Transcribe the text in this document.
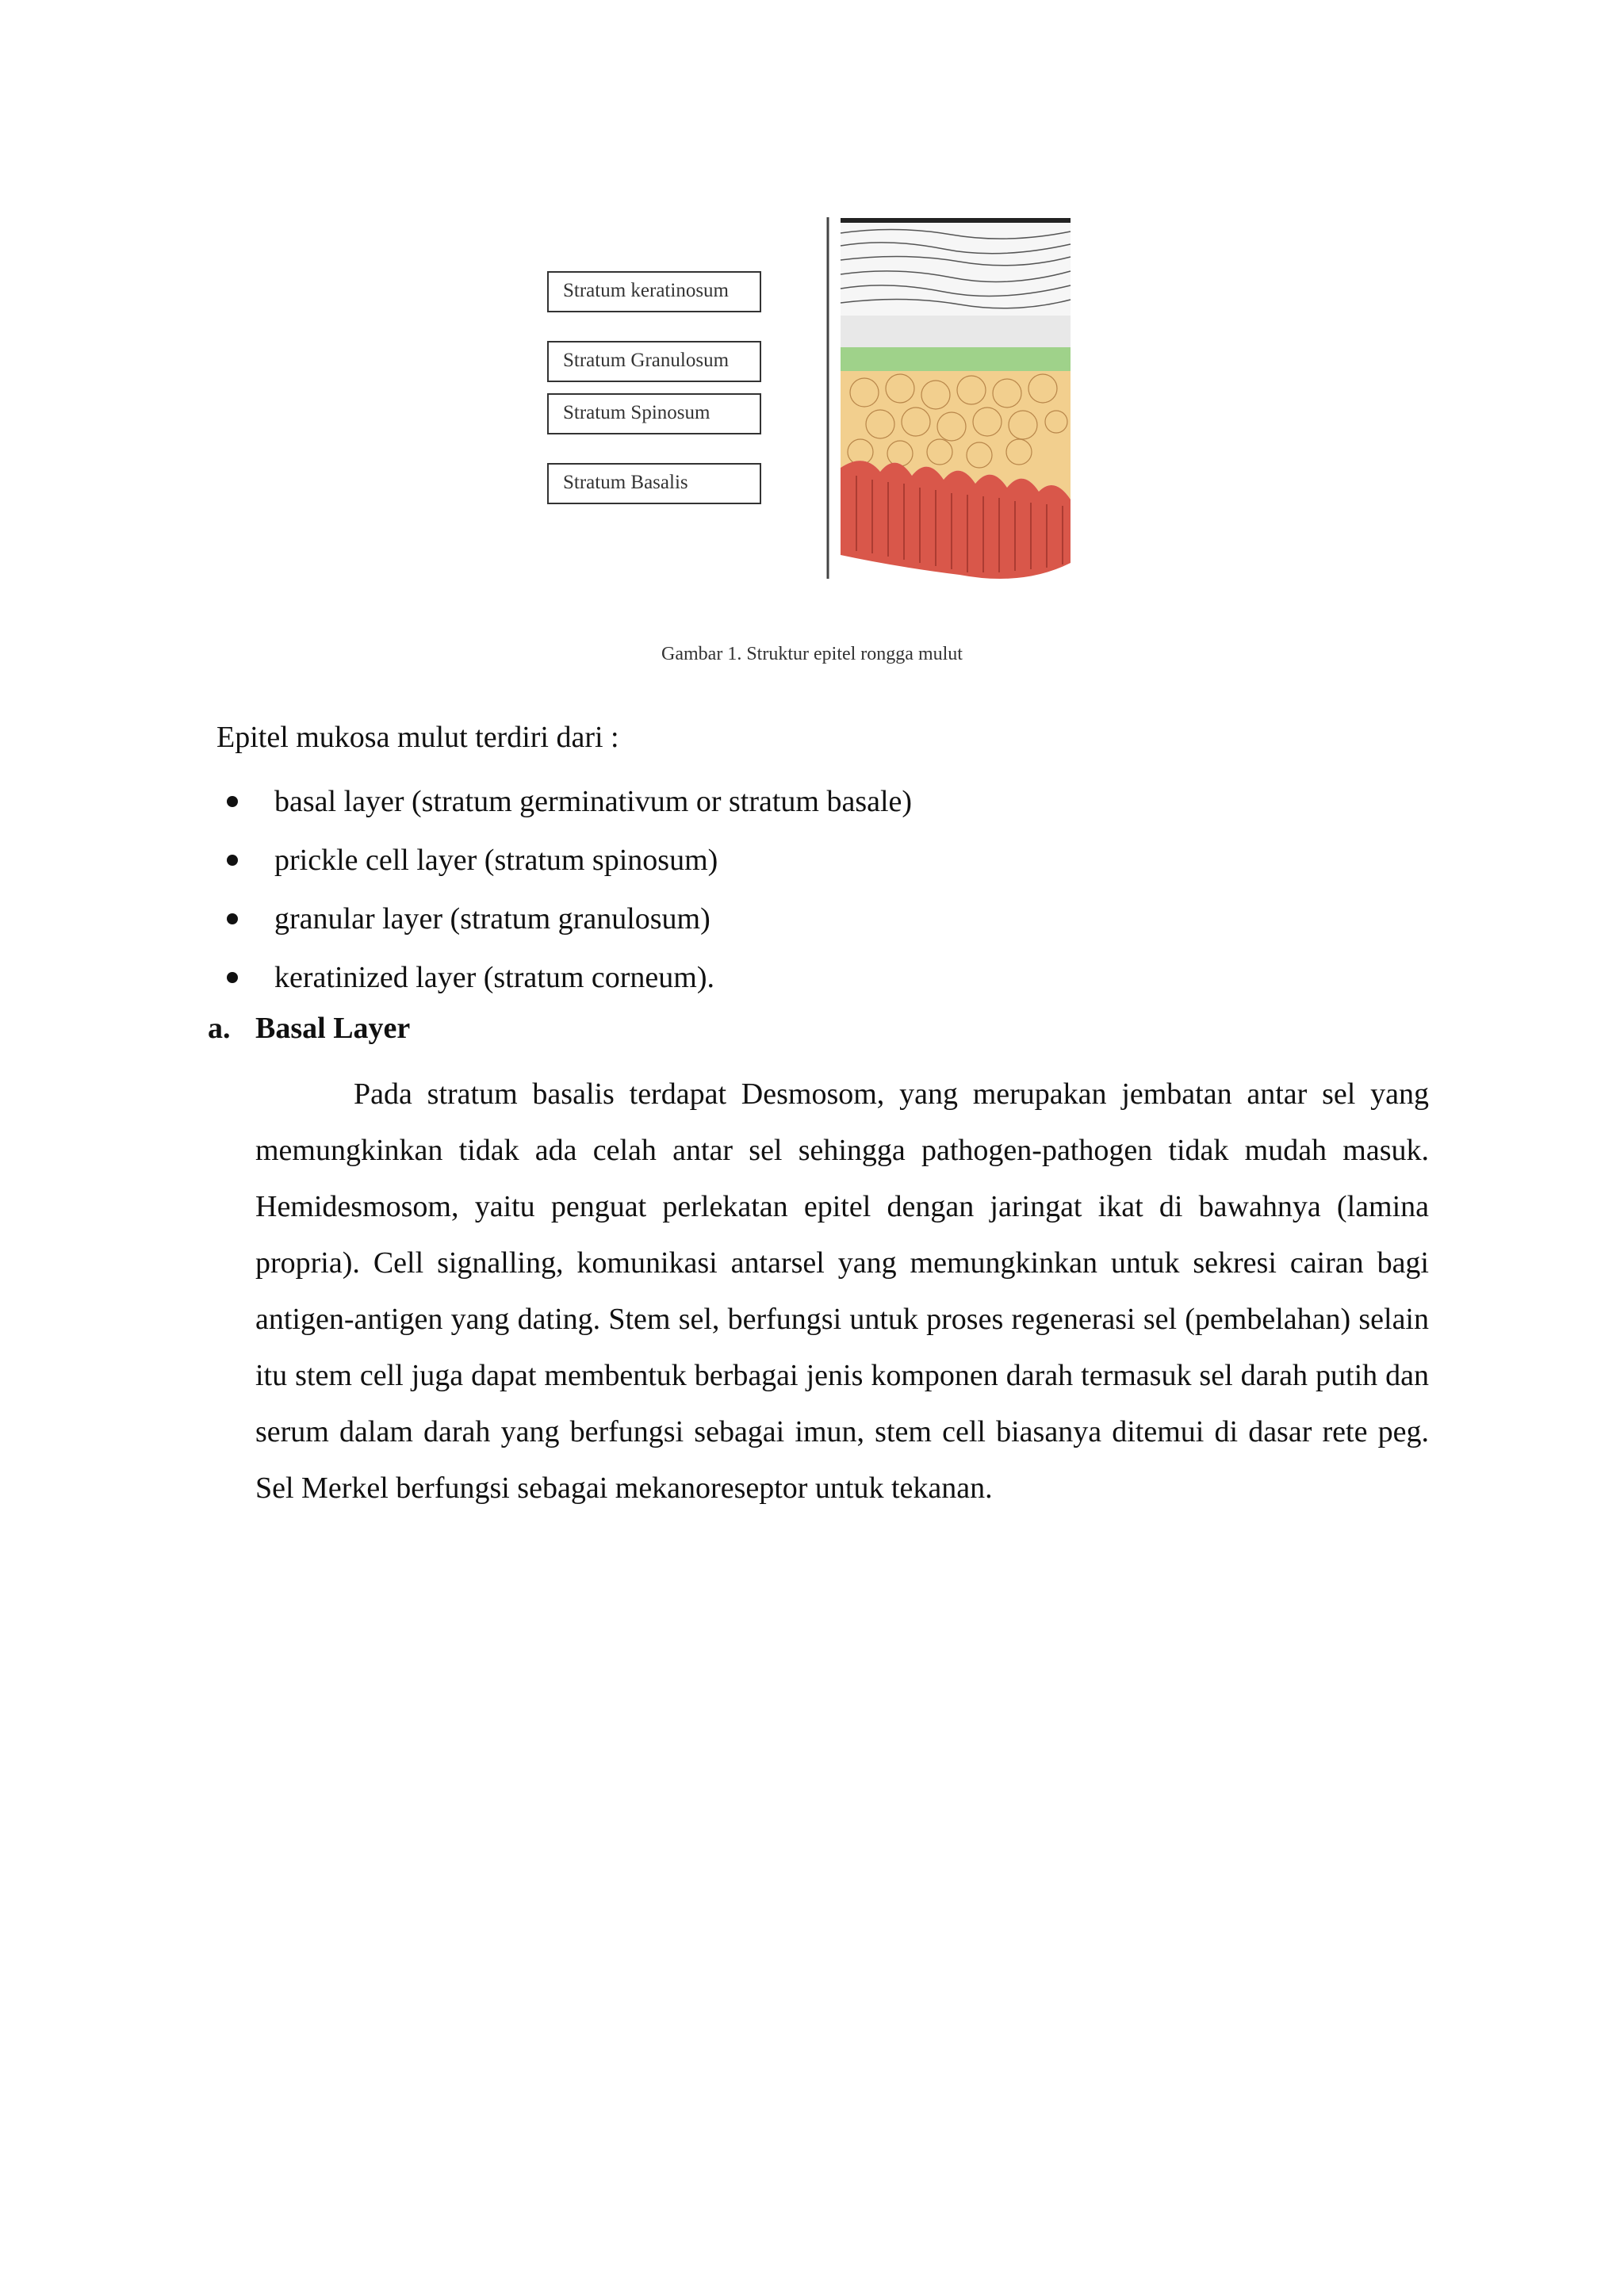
Stratum keratinosum
Stratum Granulosum
Stratum Spinosum
Stratum Basalis
Gambar 1. Struktur epitel rongga mulut
Epitel mukosa mulut terdiri dari :
basal layer (stratum germinativum or stratum basale)
prickle cell layer (stratum spinosum)
granular layer (stratum granulosum)
keratinized layer (stratum corneum).
a. Basal Layer

Pada stratum basalis terdapat Desmosom, yang merupakan jembatan antar sel yang memungkinkan tidak ada celah antar sel sehingga pathogen-pathogen tidak mudah masuk. Hemidesmosom, yaitu penguat perlekatan epitel dengan jaringat ikat di bawahnya (lamina propria). Cell signalling, komunikasi antarsel yang memungkinkan untuk sekresi cairan bagi antigen-antigen yang dating. Stem sel, berfungsi untuk proses regenerasi sel (pembelahan) selain itu stem cell juga dapat membentuk berbagai jenis komponen darah termasuk sel darah putih dan serum dalam darah yang berfungsi sebagai imun, stem cell biasanya ditemui di dasar rete peg. Sel Merkel berfungsi sebagai mekanoreseptor untuk tekanan.
